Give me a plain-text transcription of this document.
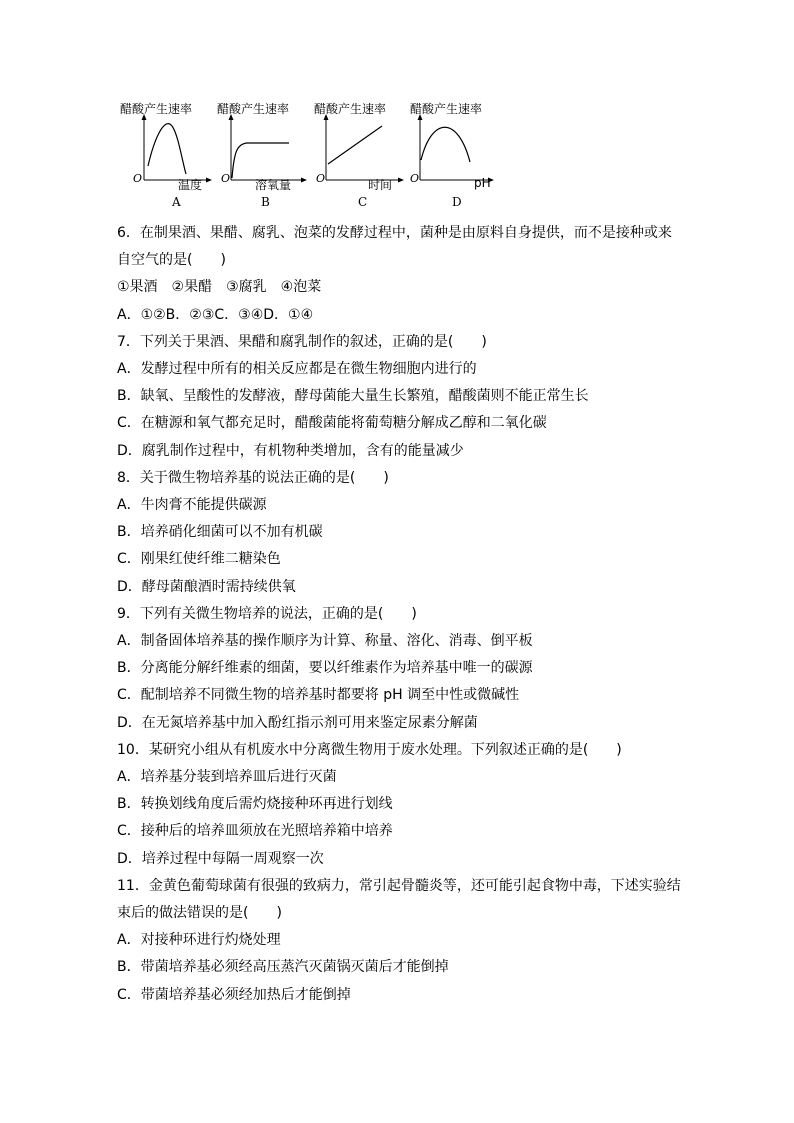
醋酸产生速率
O	温度
A
醋酸产生速率
O 溶氧量
B
醋酸产生速率
O	时间
C
醋酸产生速率
O	pH
D
6．在制果酒、果醋、腐乳、泡菜的发酵过程中，菌种是由原料自身提供，而不是接种或来
自空气的是(　　)
①果酒　②果醋　③腐乳　④泡菜
A．①②B．②③C．③④D．①④
7．下列关于果酒、果醋和腐乳制作的叙述，正确的是(　　)
A．发酵过程中所有的相关反应都是在微生物细胞内进行的
B．缺氧、呈酸性的发酵液，酵母菌能大量生长繁殖，醋酸菌则不能正常生长
C．在糖源和氧气都充足时，醋酸菌能将葡萄糖分解成乙醇和二氧化碳
D．腐乳制作过程中，有机物种类增加，含有的能量减少
8．关于微生物培养基的说法正确的是(　　)
A．牛肉膏不能提供碳源
B．培养硝化细菌可以不加有机碳
C．刚果红使纤维二糖染色
D．酵母菌酿酒时需持续供氧
9．下列有关微生物培养的说法，正确的是(　　)
A．制备固体培养基的操作顺序为计算、称量、溶化、消毒、倒平板
B．分离能分解纤维素的细菌，要以纤维素作为培养基中唯一的碳源
C．配制培养不同微生物的培养基时都要将 pH 调至中性或微碱性
D．在无氮培养基中加入酚红指示剂可用来鉴定尿素分解菌
10．某研究小组从有机废水中分离微生物用于废水处理。下列叙述正确的是(　　)
A．培养基分装到培养皿后进行灭菌
B．转换划线角度后需灼烧接种环再进行划线
C．接种后的培养皿须放在光照培养箱中培养
D．培养过程中每隔一周观察一次
11．金黄色葡萄球菌有很强的致病力，常引起骨髓炎等，还可能引起食物中毒，下述实验结
束后的做法错误的是(　　)
A．对接种环进行灼烧处理
B．带菌培养基必须经高压蒸汽灭菌锅灭菌后才能倒掉
C．带菌培养基必须经加热后才能倒掉
